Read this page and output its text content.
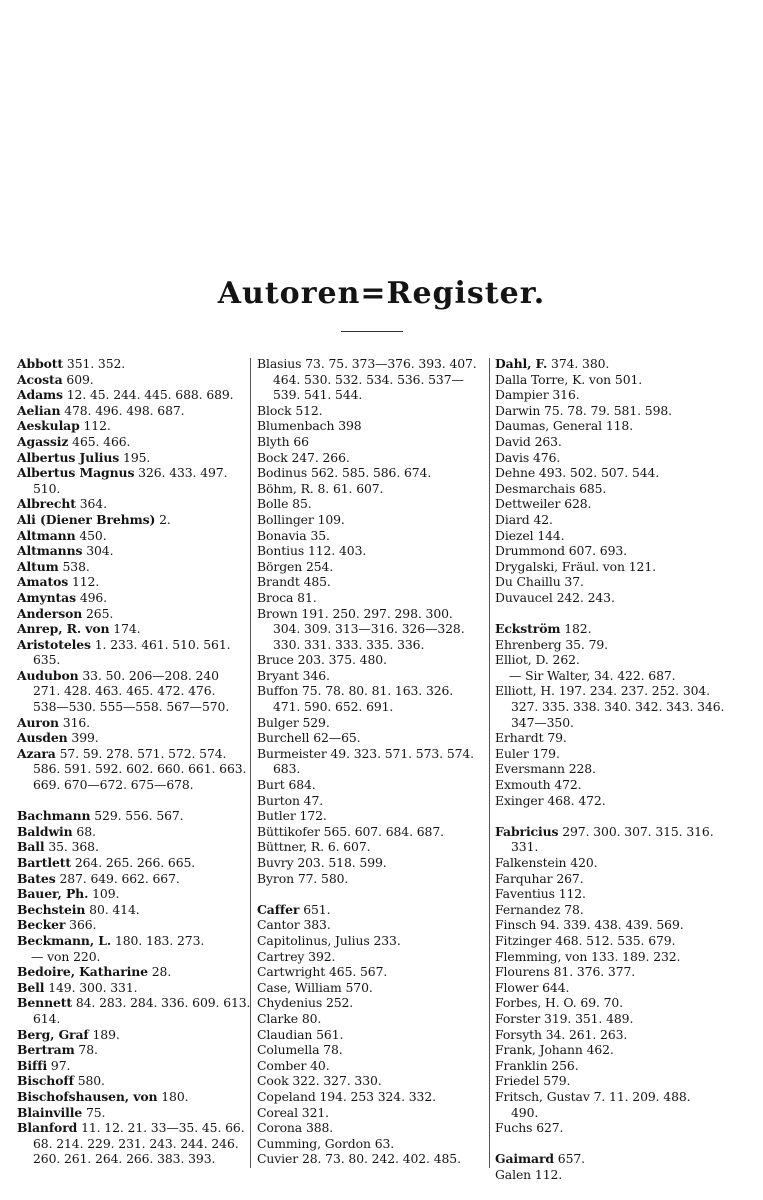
Autoren=Register.
Abbott 351. 352.
Acosta 609.
Adams 12. 45. 244. 445. 688. 689.
Aelian 478. 496. 498. 687.
Aeskulap 112.
Agassiz 465. 466.
Albertus Julius 195.
Albertus Magnus 326. 433. 497.
510.
Albrecht 364.
Ali (Diener Brehms) 2.
Altmann 450.
Altmanns 304.
Altum 538.
Amatos 112.
Amyntas 496.
Anderson 265.
Anrep, R. von 174.
Aristoteles 1. 233. 461. 510. 561.
635.
Audubon 33. 50. 206—208. 240
271. 428. 463. 465. 472. 476.
538—530. 555—558. 567—570.
Auron 316.
Ausden 399.
Azara 57. 59. 278. 571. 572. 574.
586. 591. 592. 602. 660. 661. 663.
669. 670—672. 675—678.
Bachmann 529. 556. 567.
Baldwin 68.
Ball 35. 368.
Bartlett 264. 265. 266. 665.
Bates 287. 649. 662. 667.
Bauer, Ph. 109.
Bechstein 80. 414.
Becker 366.
Beckmann, L. 180. 183. 273.
— von 220.
Bedoire, Katharine 28.
Bell 149. 300. 331.
Bennett 84. 283. 284. 336. 609. 613.
614.
Berg, Graf 189.
Bertram 78.
Biffi 97.
Bischoff 580.
Bischofshausen, von 180.
Blainville 75.
Blanford 11. 12. 21. 33—35. 45. 66.
68. 214. 229. 231. 243. 244. 246.
260. 261. 264. 266. 383. 393.
Blasius 73. 75. 373—376. 393. 407.
464. 530. 532. 534. 536. 537—
539. 541. 544.
Block 512.
Blumenbach 398
Blyth 66
Bock 247. 266.
Bodinus 562. 585. 586. 674.
Böhm, R. 8. 61. 607.
Bolle 85.
Bollinger 109.
Bonavia 35.
Bontius 112. 403.
Börgen 254.
Brandt 485.
Broca 81.
Brown 191. 250. 297. 298. 300.
304. 309. 313—316. 326—328.
330. 331. 333. 335. 336.
Bruce 203. 375. 480.
Bryant 346.
Buffon 75. 78. 80. 81. 163. 326.
471. 590. 652. 691.
Bulger 529.
Burchell 62—65.
Burmeister 49. 323. 571. 573. 574.
683.
Burt 684.
Burton 47.
Butler 172.
Büttikofer 565. 607. 684. 687.
Büttner, R. 6. 607.
Buvry 203. 518. 599.
Byron 77. 580.
Caffer 651.
Cantor 383.
Capitolinus, Julius 233.
Cartrey 392.
Cartwright 465. 567.
Case, William 570.
Chydenius 252.
Clarke 80.
Claudian 561.
Columella 78.
Comber 40.
Cook 322. 327. 330.
Copeland 194. 253 324. 332.
Coreal 321.
Corona 388.
Cumming, Gordon 63.
Cuvier 28. 73. 80. 242. 402. 485.
Dahl, F. 374. 380.
Dalla Torre, K. von 501.
Dampier 316.
Darwin 75. 78. 79. 581. 598.
Daumas, General 118.
David 263.
Davis 476.
Dehne 493. 502. 507. 544.
Desmarchais 685.
Dettweiler 628.
Diard 42.
Diezel 144.
Drummond 607. 693.
Drygalski, Fräul. von 121.
Du Chaillu 37.
Duvaucel 242. 243.
Eckström 182.
Ehrenberg 35. 79.
Elliot, D. 262.
— Sir Walter, 34. 422. 687.
Elliott, H. 197. 234. 237. 252. 304.
327. 335. 338. 340. 342. 343. 346.
347—350.
Erhardt 79.
Euler 179.
Eversmann 228.
Exmouth 472.
Exinger 468. 472.
Fabricius 297. 300. 307. 315. 316.
331.
Falkenstein 420.
Farquhar 267.
Faventius 112.
Fernandez 78.
Finsch 94. 339. 438. 439. 569.
Fitzinger 468. 512. 535. 679.
Flemming, von 133. 189. 232.
Flourens 81. 376. 377.
Flower 644.
Forbes, H. O. 69. 70.
Forster 319. 351. 489.
Forsyth 34. 261. 263.
Frank, Johann 462.
Franklin 256.
Friedel 579.
Fritsch, Gustav 7. 11. 209. 488.
490.
Fuchs 627.
Gaimard 657.
Galen 112.
